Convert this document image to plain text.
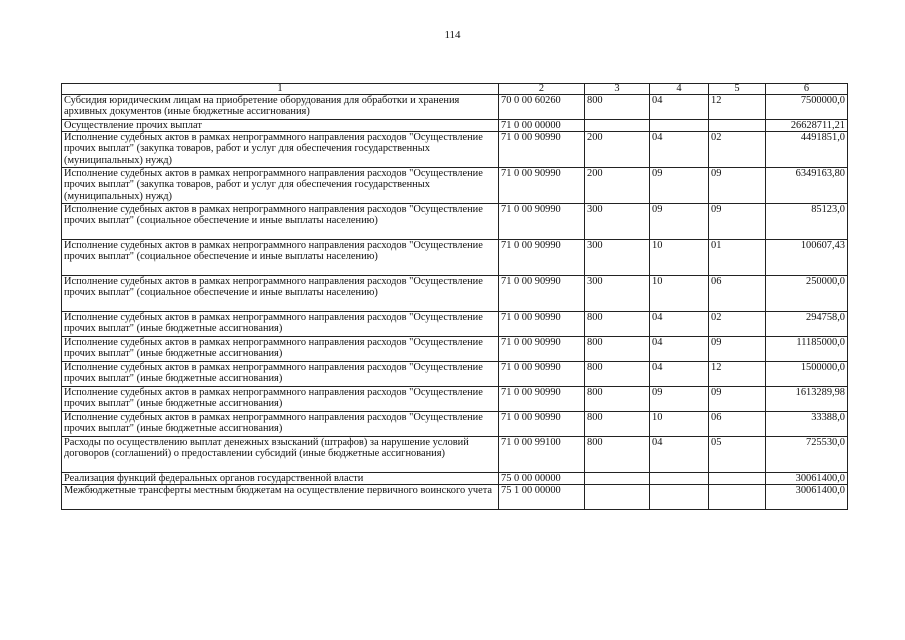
114
1	2	3	4	5	6
Субсидия юридическим лицам на приобретение оборудования для обработки и хранения архивных документов (иные бюджетные ассигнования)	70 0 00 60260	800	04	12	7500000,0
Осуществление прочих выплат	71 0 00 00000				26628711,21
Исполнение судебных актов в рамках непрограммного направления расходов "Осуществление прочих выплат" (закупка товаров, работ и услуг для обеспечения государственных (муниципальных) нужд)	71 0 00 90990	200	04	02	4491851,0
Исполнение судебных актов в рамках непрограммного направления расходов "Осуществление прочих выплат" (закупка товаров, работ и услуг для обеспечения государственных (муниципальных) нужд)	71 0 00 90990	200	09	09	6349163,80
Исполнение судебных актов в рамках непрограммного направления расходов "Осуществление прочих выплат" (социальное обеспечение и иные выплаты населению)	71 0 00 90990	300	09	09	85123,0
Исполнение судебных актов в рамках непрограммного направления расходов "Осуществление прочих выплат" (социальное обеспечение и иные выплаты населению)	71 0 00 90990	300	10	01	100607,43
Исполнение судебных актов в рамках непрограммного направления расходов "Осуществление прочих выплат" (социальное обеспечение и иные выплаты населению)	71 0 00 90990	300	10	06	250000,0
Исполнение судебных актов в рамках непрограммного направления расходов "Осуществление прочих выплат" (иные бюджетные ассигнования)	71 0 00 90990	800	04	02	294758,0
Исполнение судебных актов в рамках непрограммного направления расходов "Осуществление прочих выплат" (иные бюджетные ассигнования)	71 0 00 90990	800	04	09	11185000,0
Исполнение судебных актов в рамках непрограммного направления расходов "Осуществление прочих выплат" (иные бюджетные ассигнования)	71 0 00 90990	800	04	12	1500000,0
Исполнение судебных актов в рамках непрограммного направления расходов "Осуществление прочих выплат" (иные бюджетные ассигнования)	71 0 00 90990	800	09	09	1613289,98
Исполнение судебных актов в рамках непрограммного направления расходов "Осуществление прочих выплат" (иные бюджетные ассигнования)	71 0 00 90990	800	10	06	33388,0
Расходы по осуществлению выплат денежных взысканий (штрафов) за нарушение условий договоров (соглашений) о предоставлении субсидий (иные бюджетные ассигнования)	71 0 00 99100	800	04	05	725530,0
Реализация функций федеральных органов государственной власти	75 0 00 00000				30061400,0
Межбюджетные трансферты местным бюджетам на осуществление первичного воинского учета	75 1 00 00000				30061400,0
